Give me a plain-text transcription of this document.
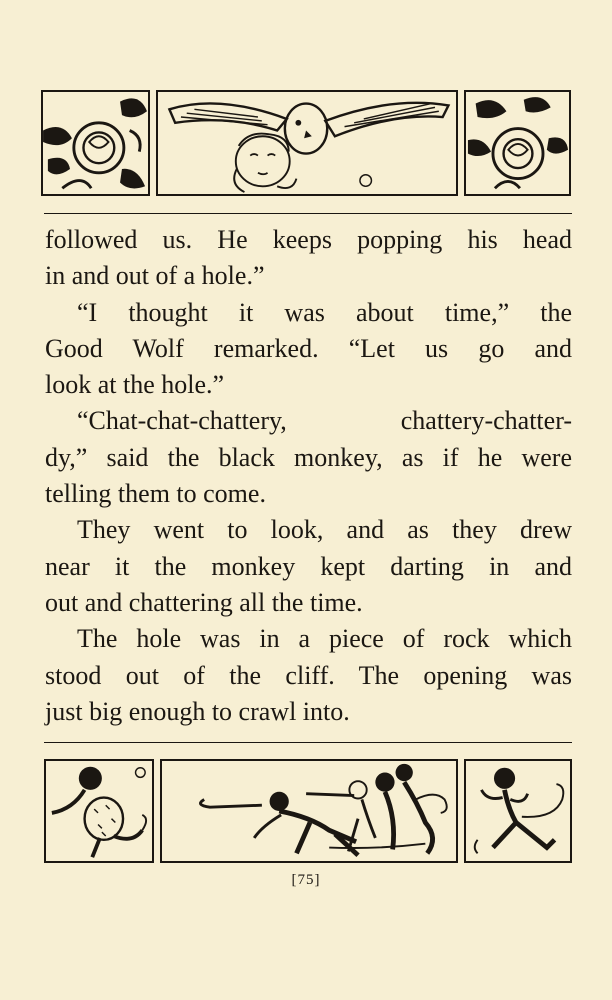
followed us. He keeps popping his head

in and out of a hole.”

“I thought it was about time,” the

Good Wolf remarked. “Let us go and

look at the hole.”

“Chat-chat-chattery, chattery-chatter-

dy,” said the black monkey, as if he were

telling them to come.

They went to look, and as they drew

near it the monkey kept darting in and

out and chattering all the time.

The hole was in a piece of rock which

stood out of the cliff. The opening was

just big enough to crawl into.

[75]
